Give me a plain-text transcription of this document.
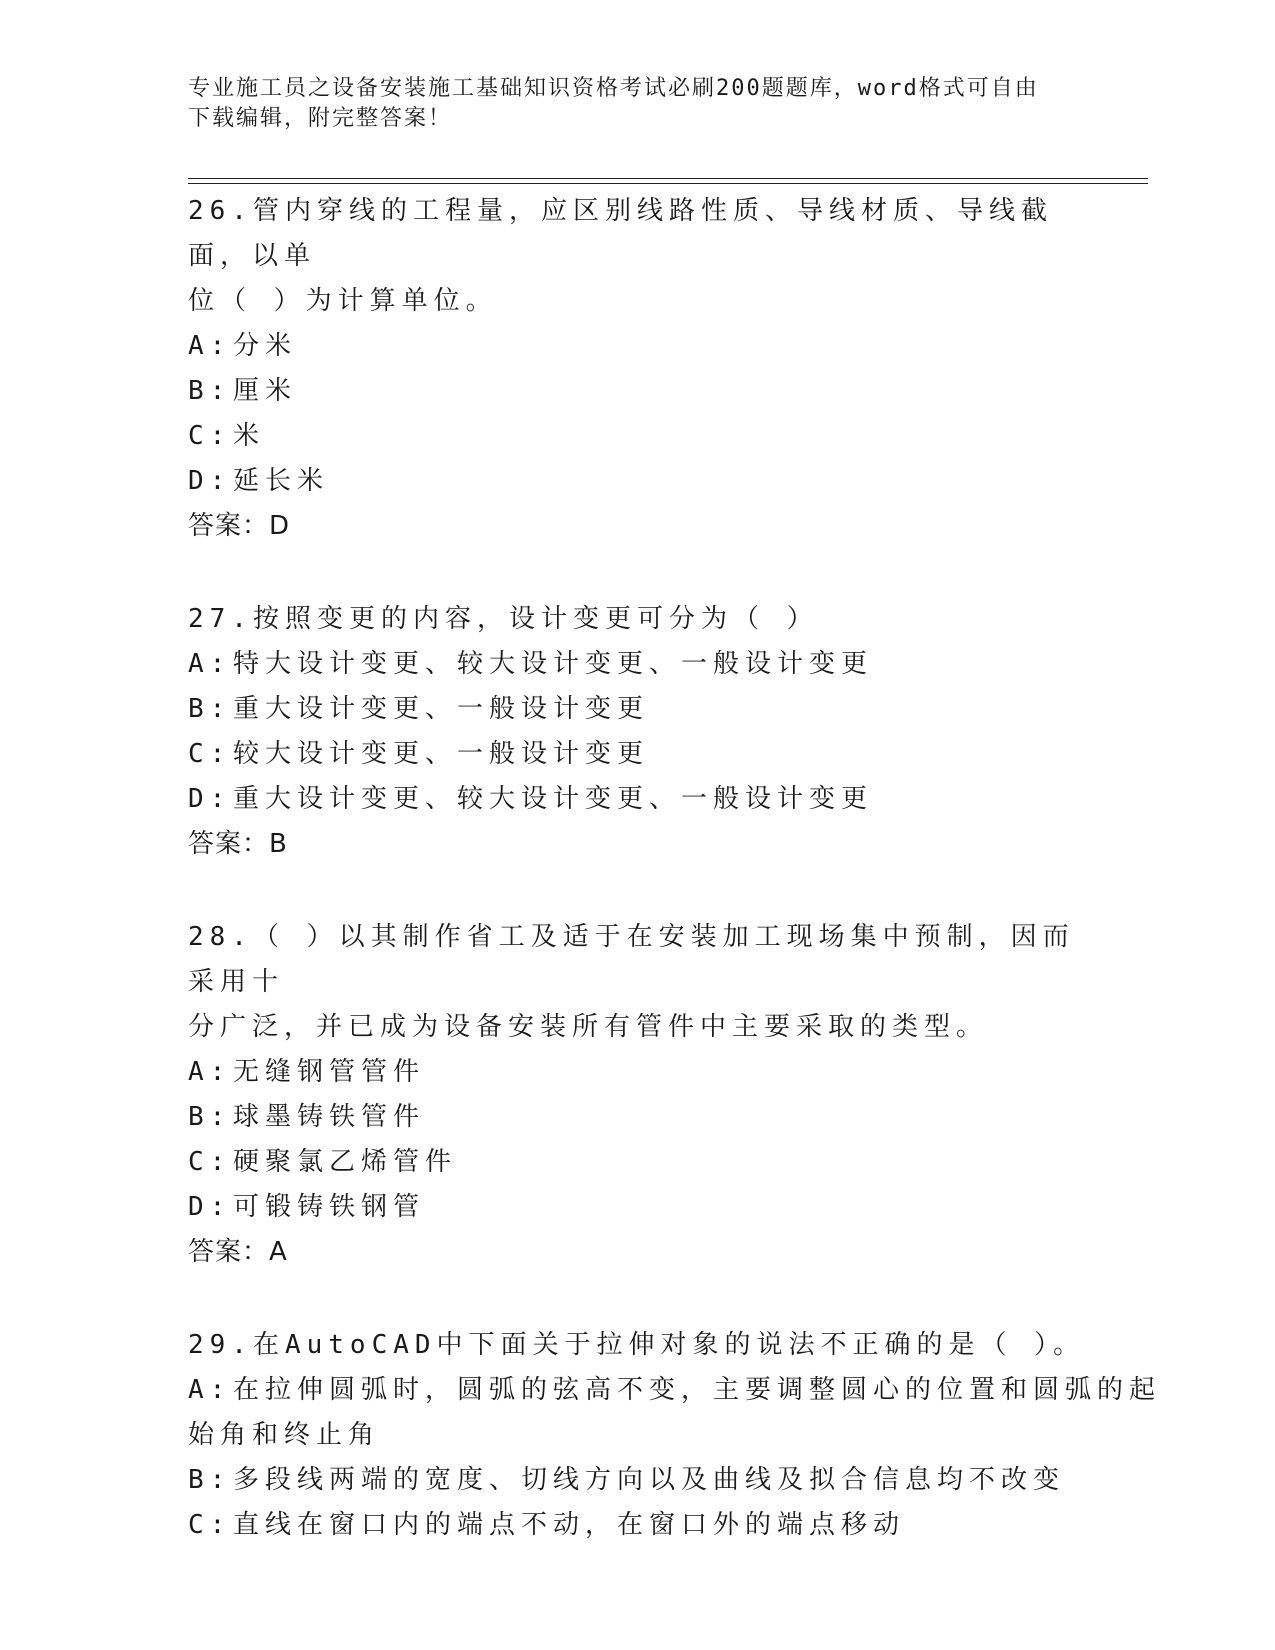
专业施工员之设备安装施工基础知识资格考试必刷200题题库，word格式可自由
下载编辑，附完整答案！
26.管内穿线的工程量，应区别线路性质、导线材质、导线截面，以单
位（ ）为计算单位。
A:分米
B:厘米
C:米
D:延长米
答案：D
27.按照变更的内容，设计变更可分为（ ）
A:特大设计变更、较大设计变更、一般设计变更
B:重大设计变更、一般设计变更
C:较大设计变更、一般设计变更
D:重大设计变更、较大设计变更、一般设计变更
答案：B
28.（ ）以其制作省工及适于在安装加工现场集中预制，因而采用十
分广泛，并已成为设备安装所有管件中主要采取的类型。
A:无缝钢管管件
B:球墨铸铁管件
C:硬聚氯乙烯管件
D:可锻铸铁钢管
答案：A
29.在AutoCAD中下面关于拉伸对象的说法不正确的是（ ）。
A:在拉伸圆弧时，圆弧的弦高不变，主要调整圆心的位置和圆弧的起
始角和终止角
B:多段线两端的宽度、切线方向以及曲线及拟合信息均不改变
C:直线在窗口内的端点不动，在窗口外的端点移动
